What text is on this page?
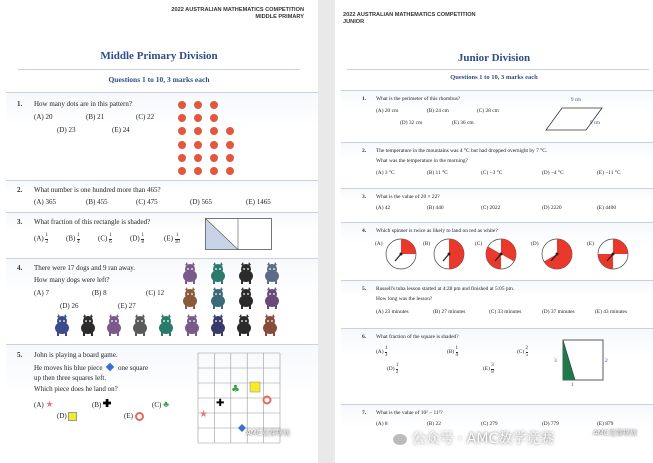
2022 AUSTRALIAN MATHEMATICS COMPETITION
MIDDLE PRIMARY
Middle Primary Division
Questions 1 to 10, 3 marks each
1. How many dots are in this pattern?
(A) 20	(B) 21	(C) 22
(D) 23	(E) 24
2. What number is one hundred more than 465?
(A) 365	(B) 455	(C) 475	(D) 565	(E) 1465
3. What fraction of this rectangle is shaded?
$(A) \frac{1}{3}$	$(B) \frac{1}{4}$	$(C) \frac{1}{6}$	$(D) \frac{1}{8}$	$(E) \frac{1}{10}$
4. There were 17 dogs and 9 ran away.
How many dogs were left?
(A) 7	(B) 8	(C) 12
(D) 26	(E) 27
5. John is playing a board game.
He moves his blue piece one square
up then three squares left.
Which piece does he land on?
(A) ★	(B)	(C) ♣
(D)	(E)
♣
✚
★
AMC竞赛规划
2022 AUSTRALIAN MATHEMATICS COMPETITION
JUNIOR
Junior Division
Questions 1 to 10, 3 marks each
1. What is the perimeter of this rhombus?
(A) 20 cm	(B) 24 cm	(C) 28 cm
(D) 32 cm	(E) 36 cm
9 cm
9 cm
2. The temperature in the mountains was 4 °C but had dropped overnight by 7 °C.
What was the temperature in the morning?
(A) 3 °C	(B) 11 °C	(C) −3 °C	(D) −4 °C	(E) −11 °C
3. What is the value of 20 × 22?
(A) 42	(B) 440	(C) 2022	(D) 2220	(E) 4400
4. Which spinner is twice as likely to land on red as white?
(A)	(B)	(C)	(D)	(E)
5. Russell's tuba lesson started at 4:28 pm and finished at 5:05 pm.
How long was the lesson?
(A) 23 minutes	(B) 27 minutes	(C) 33 minutes	(D) 37 minutes	(E) 43 minutes
6. What fraction of the square is shaded?
$(A) \frac{1}{3}$	$(B) \frac{1}{4}$	$(C) \frac{2}{5}$
$(D) \frac{1}{2}$	$(E) \frac{3}{8}$
3	2
1
7. What is the value of 10² − 11²?
(A) 8	(B) 22	(C) 279	(D) 779	(E) 879
公众号 · AMC数学竞赛	AMC竞赛规划
